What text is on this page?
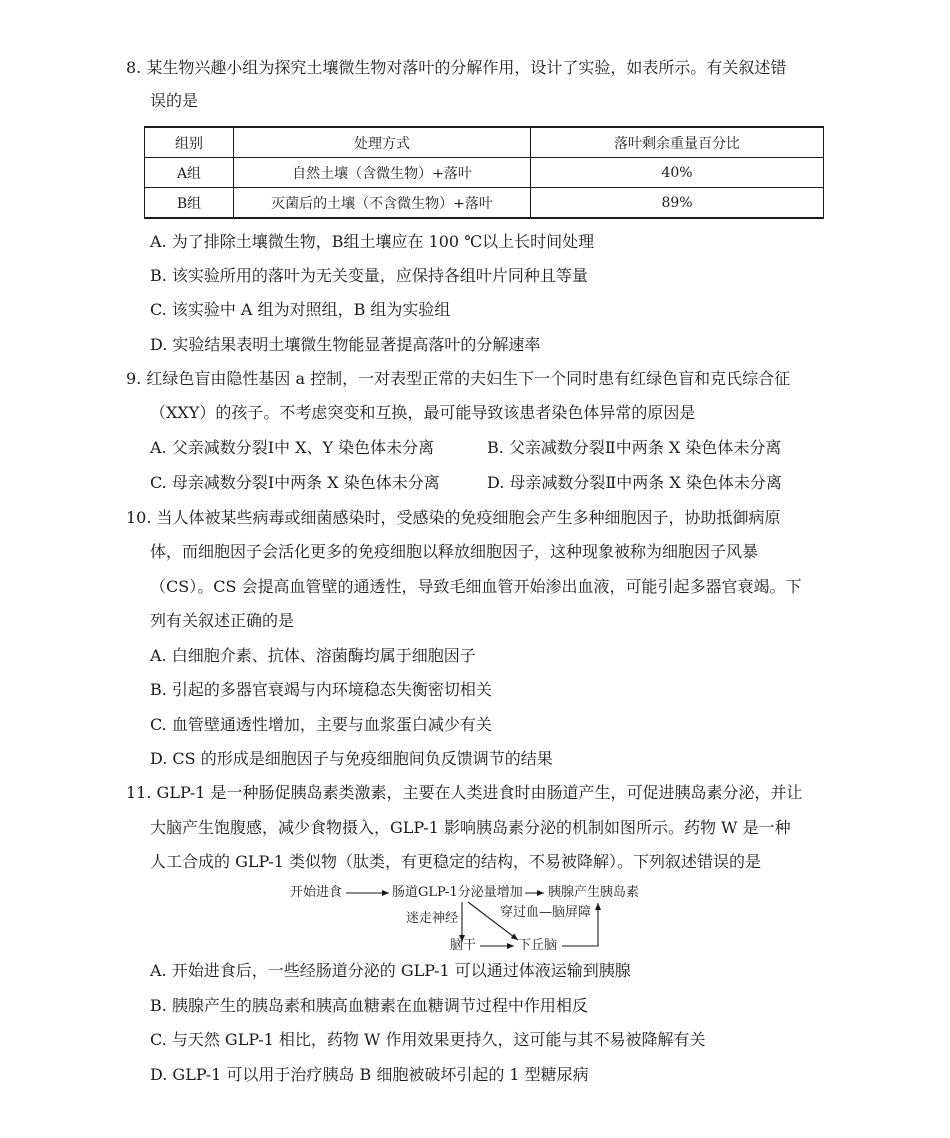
8. 某生物兴趣小组为探究土壤微生物对落叶的分解作用，设计了实验，如表所示。有关叙述错
误的是
组别	处理方式	落叶剩余重量百分比
A组	自然土壤（含微生物）+落叶	40%
B组	灭菌后的土壤（不含微生物）+落叶	89%
A. 为了排除土壤微生物，B组土壤应在 100 ℃以上长时间处理
B. 该实验所用的落叶为无关变量，应保持各组叶片同种且等量
C. 该实验中 A 组为对照组，B 组为实验组
D. 实验结果表明土壤微生物能显著提高落叶的分解速率
9. 红绿色盲由隐性基因 a 控制，一对表型正常的夫妇生下一个同时患有红绿色盲和克氏综合征
（XXY）的孩子。不考虑突变和互换，最可能导致该患者染色体异常的原因是
A. 父亲减数分裂Ⅰ中 X、Y 染色体未分离	B. 父亲减数分裂Ⅱ中两条 X 染色体未分离
C. 母亲减数分裂Ⅰ中两条 X 染色体未分离	D. 母亲减数分裂Ⅱ中两条 X 染色体未分离
10. 当人体被某些病毒或细菌感染时，受感染的免疫细胞会产生多种细胞因子，协助抵御病原
体，而细胞因子会活化更多的免疫细胞以释放细胞因子，这种现象被称为细胞因子风暴
（CS）。CS 会提高血管壁的通透性，导致毛细血管开始渗出血液，可能引起多器官衰竭。下
列有关叙述正确的是
A. 白细胞介素、抗体、溶菌酶均属于细胞因子
B. 引起的多器官衰竭与内环境稳态失衡密切相关
C. 血管壁通透性增加，主要与血浆蛋白减少有关
D. CS 的形成是细胞因子与免疫细胞间负反馈调节的结果
11. GLP-1 是一种肠促胰岛素类激素，主要在人类进食时由肠道产生，可促进胰岛素分泌，并让
大脑产生饱腹感，减少食物摄入，GLP-1 影响胰岛素分泌的机制如图所示。药物 W 是一种
人工合成的 GLP-1 类似物（肽类，有更稳定的结构，不易被降解）。下列叙述错误的是
开始进食	肠道GLP-1分泌量增加 胰腺产生胰岛素
迷走神经	穿过血—脑屏障
脑干	下丘脑
A. 开始进食后，一些经肠道分泌的 GLP-1 可以通过体液运输到胰腺
B. 胰腺产生的胰岛素和胰高血糖素在血糖调节过程中作用相反
C. 与天然 GLP-1 相比，药物 W 作用效果更持久，这可能与其不易被降解有关
D. GLP-1 可以用于治疗胰岛 B 细胞被破坏引起的 1 型糖尿病
